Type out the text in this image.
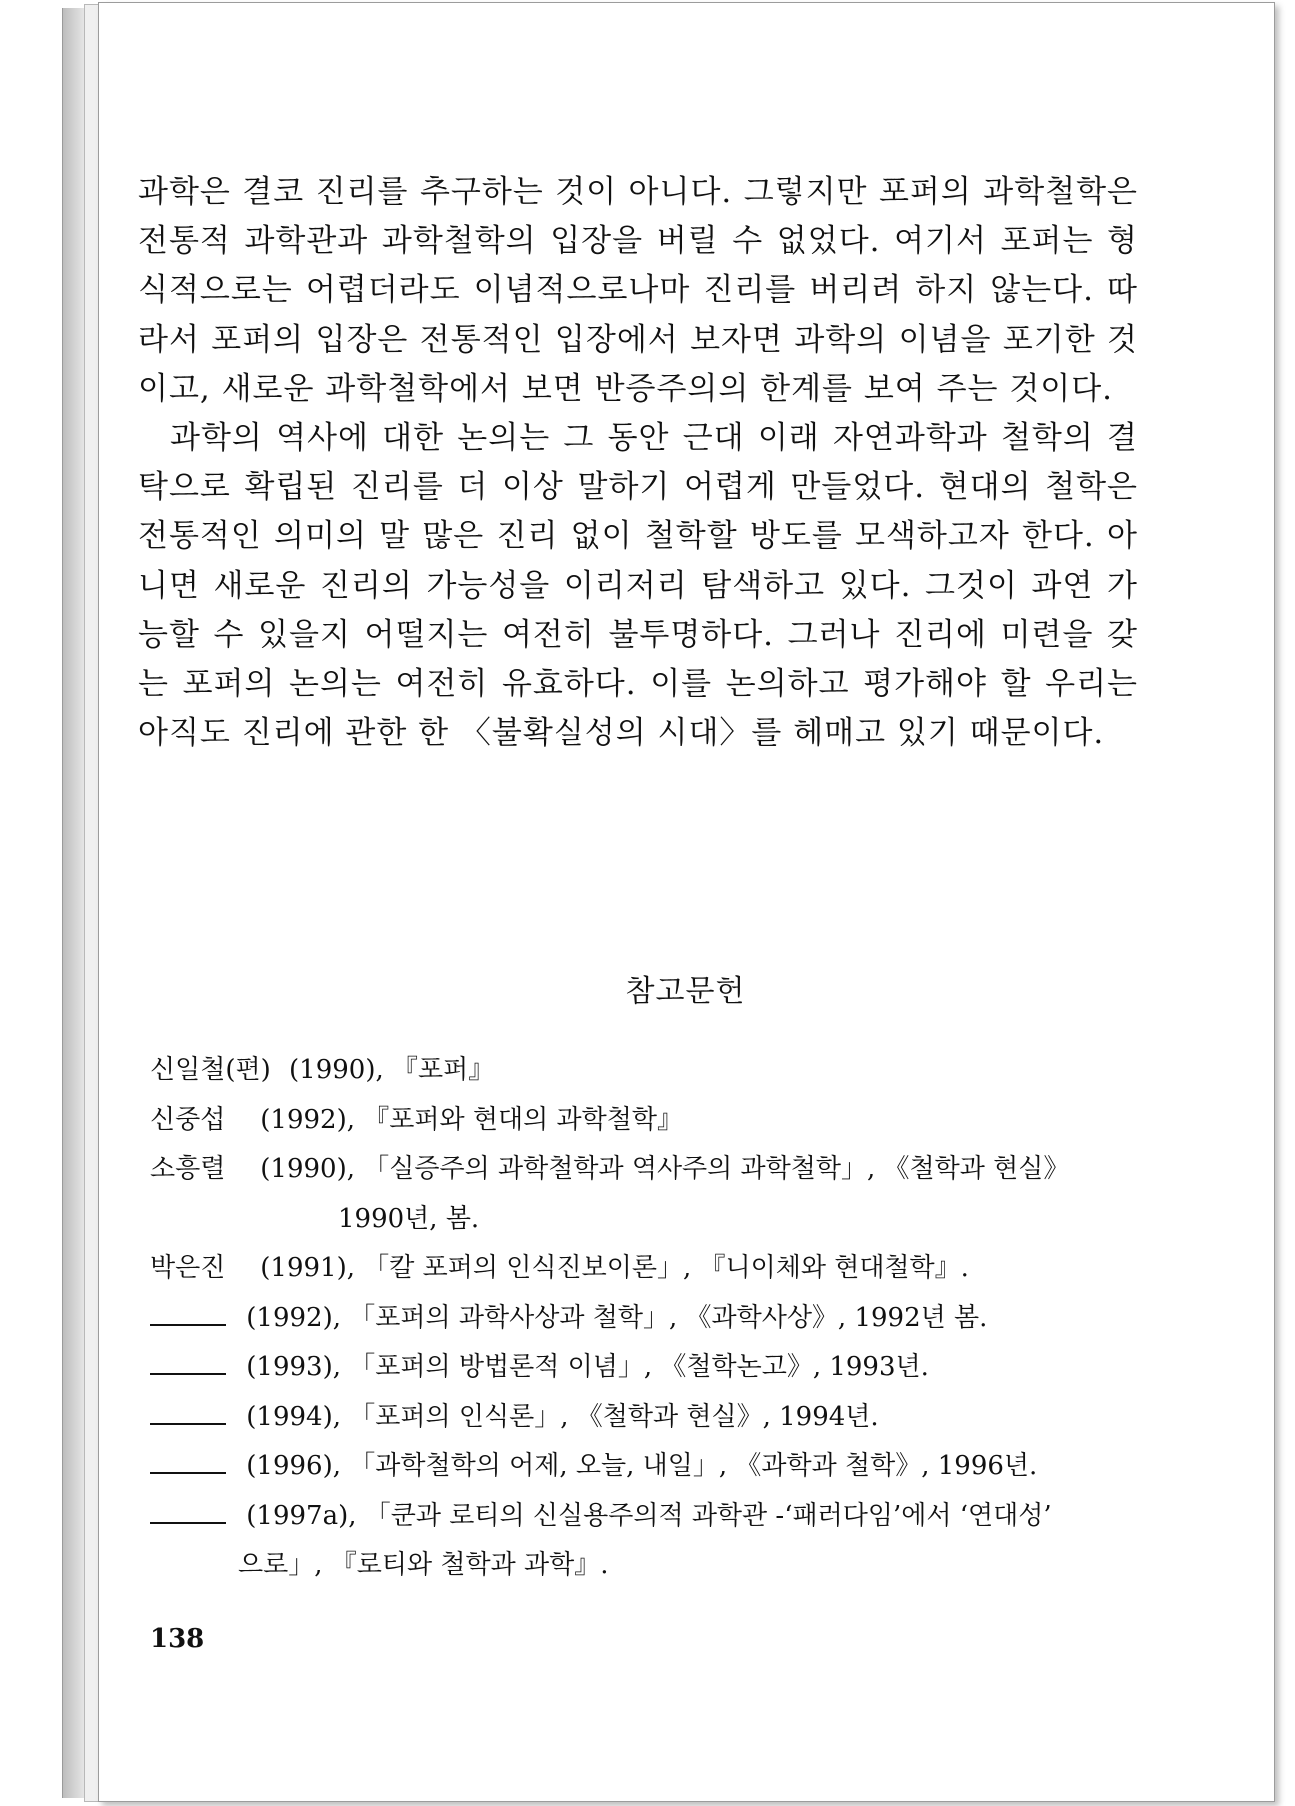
과학은 결코 진리를 추구하는 것이 아니다. 그렇지만 포퍼의 과학철학은 전통적 과학관과 과학철학의 입장을 버릴 수 없었다. 여기서 포퍼는 형식적으로는 어렵더라도 이념적으로나마 진리를 버리려 하지 않는다. 따라서 포퍼의 입장은 전통적인 입장에서 보자면 과학의 이념을 포기한 것이고, 새로운 과학철학에서 보면 반증주의의 한계를 보여 주는 것이다.

과학의 역사에 대한 논의는 그 동안 근대 이래 자연과학과 철학의 결탁으로 확립된 진리를 더 이상 말하기 어렵게 만들었다. 현대의 철학은 전통적인 의미의 말 많은 진리 없이 철학할 방도를 모색하고자 한다. 아니면 새로운 진리의 가능성을 이리저리 탐색하고 있다. 그것이 과연 가능할 수 있을지 어떨지는 여전히 불투명하다. 그러나 진리에 미련을 갖는 포퍼의 논의는 여전히 유효하다. 이를 논의하고 평가해야 할 우리는 아직도 진리에 관한 한 〈불확실성의 시대〉를 헤매고 있기 때문이다.

참고문헌
신일철(편) (1990), 『포퍼』
신중섭 (1992), 『포퍼와 현대의 과학철학』
소흥렬 (1990), 「실증주의 과학철학과 역사주의 과학철학」, 《철학과 현실》
1990년, 봄.
박은진 (1991), 「칼 포퍼의 인식진보이론」, 『니이체와 현대철학』.
(1992), 「포퍼의 과학사상과 철학」, 《과학사상》, 1992년 봄.
(1993), 「포퍼의 방법론적 이념」, 《철학논고》, 1993년.
(1994), 「포퍼의 인식론」, 《철학과 현실》, 1994년.
(1996), 「과학철학의 어제, 오늘, 내일」, 《과학과 철학》, 1996년.
(1997a), 「쿤과 로티의 신실용주의적 과학관 -‘패러다임’에서 ‘연대성’
으로」, 『로티와 철학과 과학』.
138
